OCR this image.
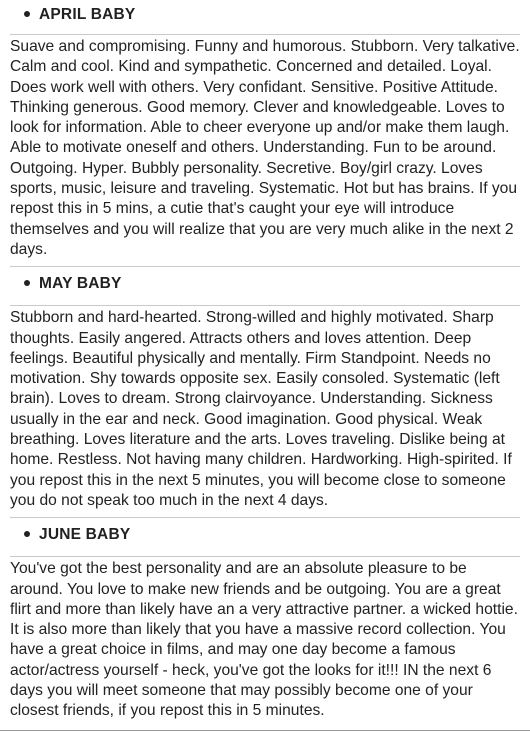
APRIL BABY

Suave and compromising. Funny and humorous. Stubborn. Very talkative. Calm and cool. Kind and sympathetic. Concerned and detailed. Loyal. Does work well with others. Very confidant. Sensitive. Positive Attitude. Thinking generous. Good memory. Clever and knowledgeable. Loves to look for information. Able to cheer everyone up and/or make them laugh. Able to motivate oneself and others. Understanding. Fun to be around. Outgoing. Hyper. Bubbly personality. Secretive. Boy/girl crazy. Loves sports, music, leisure and traveling. Systematic. Hot but has brains. If you repost this in 5 mins, a cutie that's caught your eye will introduce themselves and you will realize that you are very much alike in the next 2 days.

MAY BABY

Stubborn and hard-hearted. Strong-willed and highly motivated. Sharp thoughts. Easily angered. Attracts others and loves attention. Deep feelings. Beautiful physically and mentally. Firm Standpoint. Needs no motivation. Shy towards opposite sex. Easily consoled. Systematic (left brain). Loves to dream. Strong clairvoyance. Understanding. Sickness usually in the ear and neck. Good imagination. Good physical. Weak breathing. Loves literature and the arts. Loves traveling. Dislike being at home. Restless. Not having many children. Hardworking. High-spirited. If you repost this in the next 5 minutes, you will become close to someone you do not speak too much in the next 4 days.

JUNE BABY

You've got the best personality and are an absolute pleasure to be around. You love to make new friends and be outgoing. You are a great flirt and more than likely have an a very attractive partner. a wicked hottie. It is also more than likely that you have a massive record collection. You have a great choice in films, and may one day become a famous actor/actress yourself - heck, you've got the looks for it!!! IN the next 6 days you will meet someone that may possibly become one of your closest friends, if you repost this in 5 minutes.
